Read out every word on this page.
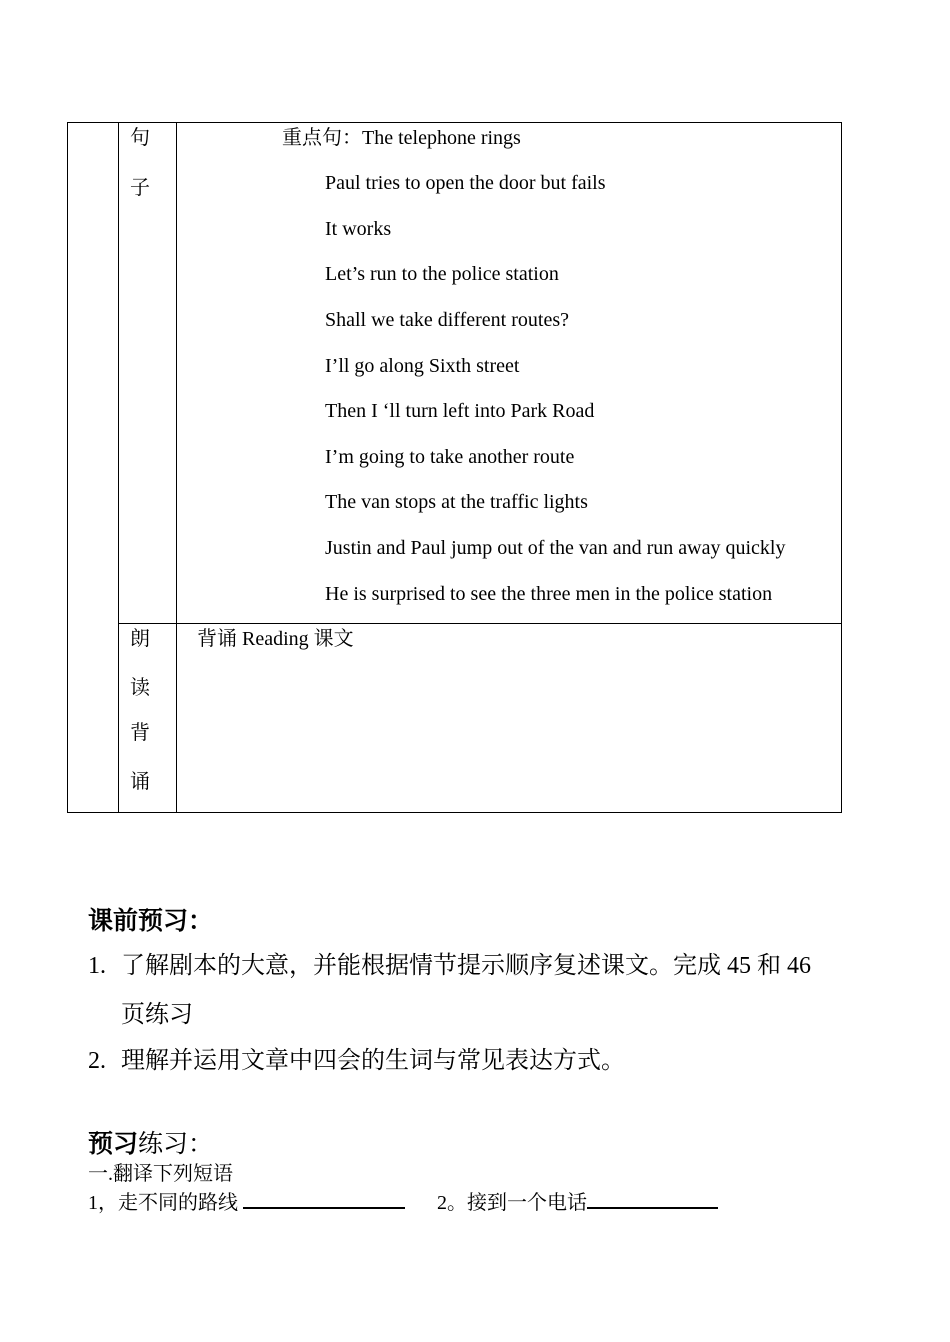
句
子
重点句：The telephone rings
Paul tries to open the door but fails
It works
Let’s run to the police station
Shall we take different routes?
I’ll go along Sixth street
Then I ‘ll turn left into Park Road
I’m going to take another route
The van stops at the traffic lights
Justin and Paul jump out of the van and run away quickly
He is surprised to see the three men in the police station
朗
读
背
诵
背诵 Reading 课文
课前预习：
1. 了解剧本的大意，并能根据情节提示顺序复述课文。完成 45 和 46
页练习
2. 理解并运用文章中四会的生词与常见表达方式。
预习练习：
一.翻译下列短语
1，走不同的路线	2。接到一个电话
